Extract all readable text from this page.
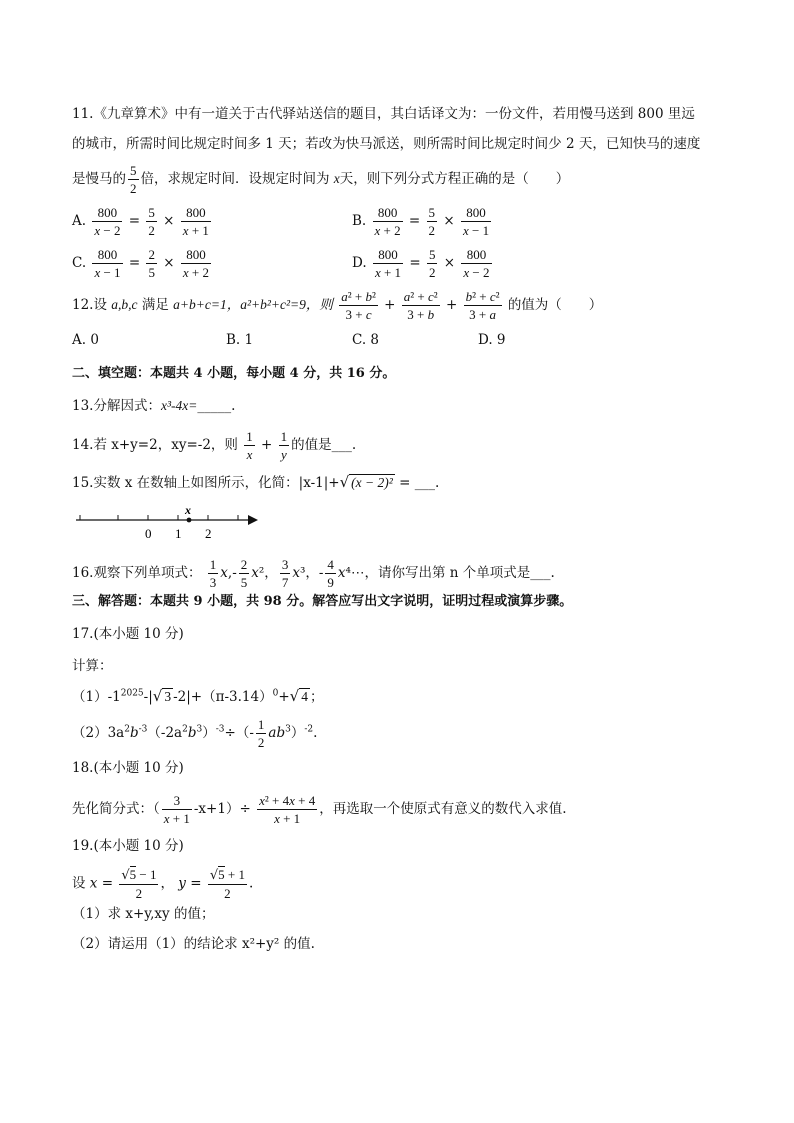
11.《九章算术》中有一道关于古代驿站送信的题目，其白话译文为：一份文件，若用慢马送到 800 里远
的城市，所需时间比规定时间多 1 天；若改为快马派送，则所需时间比规定时间少 2 天，已知快马的速度
是慢马的 $\frac{5}{2}$ 倍，求规定时间．设规定时间为 x天，则下列分式方程正确的是（　　）
A. $\frac{800}{x - 2} = \frac{5}{2} \times \frac{800}{x + 1}$	B. $\frac{800}{x + 2} = \frac{5}{2} \times \frac{800}{x - 1}$
C. $\frac{800}{x - 1} = \frac{2}{5} \times \frac{800}{x + 2}$	D. $\frac{800}{x + 1} = \frac{5}{2} \times \frac{800}{x - 2}$
12.设 a,b,c 满足 a+b+c=1，a²+b²+c²=9，则 $\frac{\text{a² + b²}}{3 + c} + \frac{\text{a² + c²}}{3 + b} + \frac{\text{b² + c²}}{3 + a}$ 的值为（　　）
A. 0	B. 1	C. 8	D. 9
二、填空题：本题共 4 小题，每小题 4 分，共 16 分。
13.分解因式：x³-4x=_____.
14.若 x+y=2，xy=-2，则 $\frac{1}{x} + \frac{1}{y}$ 的值是___.
15.实数 x 在数轴上如图所示，化简：|x-1|+√ (x − 2)² = ___.
x
0 1 2
16.观察下列单项式： $\frac{1}{3} x,- \frac{2}{5} x^2$， $\frac{3}{7} x^3$，- $\frac{4}{9}$ x⁴⋯，请你写出第 n 个单项式是___.
三、解答题：本题共 9 小题，共 98 分。解答应写出文字说明，证明过程或演算步骤。
17.(本小题 10 分)
计算：
$(1)-1^{2025}-|√$ 3 $-2|+(\pi-3.14)^0+√$ 4 ；
$(2)3a^2b^{-3}(-2a^2b^3)^{-3}\div(- \frac{1}{2} ab^3)^{-2}$.
18.(本小题 10 分)
先化简分式：（ $\frac{3}{x + 1} -x+1)\div \frac{\text{x² + 4x + 4}}{x + 1}$ ，再选取一个使原式有意义的数代入求值.
19.(本小题 10 分)
设 $x = \frac{√5 - 1}{2}$ ， $y = \frac{√5 + 1}{2}$ .
（1）求 x+y,xy 的值；
（2）请运用（1）的结论求 x²+y² 的值.
